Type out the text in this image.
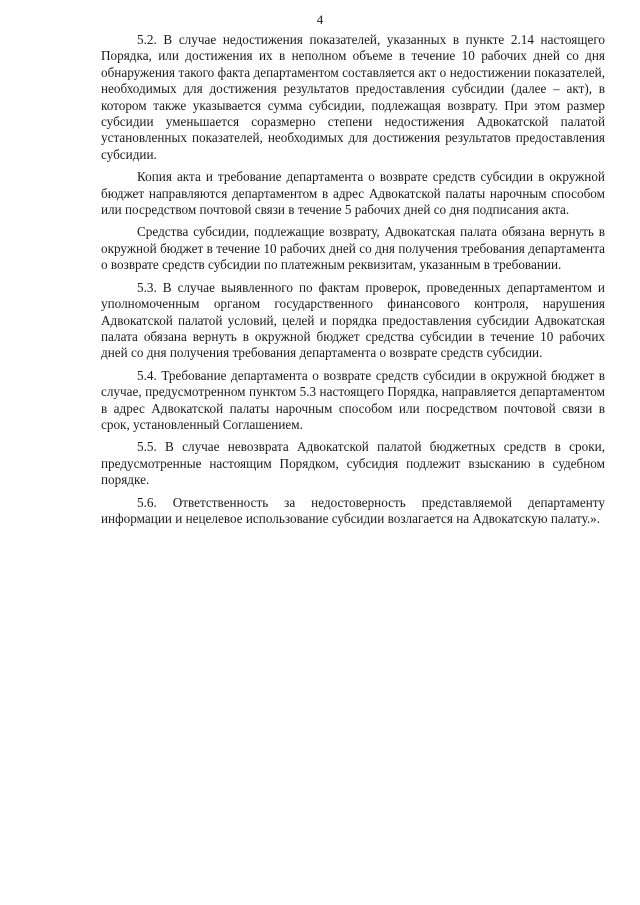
4

5.2. В случае недостижения показателей, указанных в пункте 2.14 настоящего Порядка, или достижения их в неполном объеме в течение 10 рабочих дней со дня обнаружения такого факта департаментом составляется акт о недостижении показателей, необходимых для достижения результатов предоставления субсидии (далее – акт), в котором также указывается сумма субсидии, подлежащая возврату. При этом размер субсидии уменьшается соразмерно степени недостижения Адвокатской палатой установленных показателей, необходимых для достижения результатов предоставления субсидии.

Копия акта и требование департамента о возврате средств субсидии в окружной бюджет направляются департаментом в адрес Адвокатской палаты нарочным способом или посредством почтовой связи в течение 5 рабочих дней со дня подписания акта.

Средства субсидии, подлежащие возврату, Адвокатская палата обязана вернуть в окружной бюджет в течение 10 рабочих дней со дня получения требования департамента о возврате средств субсидии по платежным реквизитам, указанным в требовании.

5.3. В случае выявленного по фактам проверок, проведенных департаментом и уполномоченным органом государственного финансового контроля, нарушения Адвокатской палатой условий, целей и порядка предоставления субсидии Адвокатская палата обязана вернуть в окружной бюджет средства субсидии в течение 10 рабочих дней со дня получения требования департамента о возврате средств субсидии.

5.4. Требование департамента о возврате средств субсидии в окружной бюджет в случае, предусмотренном пунктом 5.3 настоящего Порядка, направляется департаментом в адрес Адвокатской палаты нарочным способом или посредством почтовой связи в срок, установленный Соглашением.

5.5. В случае невозврата Адвокатской палатой бюджетных средств в сроки, предусмотренные настоящим Порядком, субсидия подлежит взысканию в судебном порядке.

5.6. Ответственность за недостоверность представляемой департаменту информации и нецелевое использование субсидии возлагается на Адвокатскую палату.».
